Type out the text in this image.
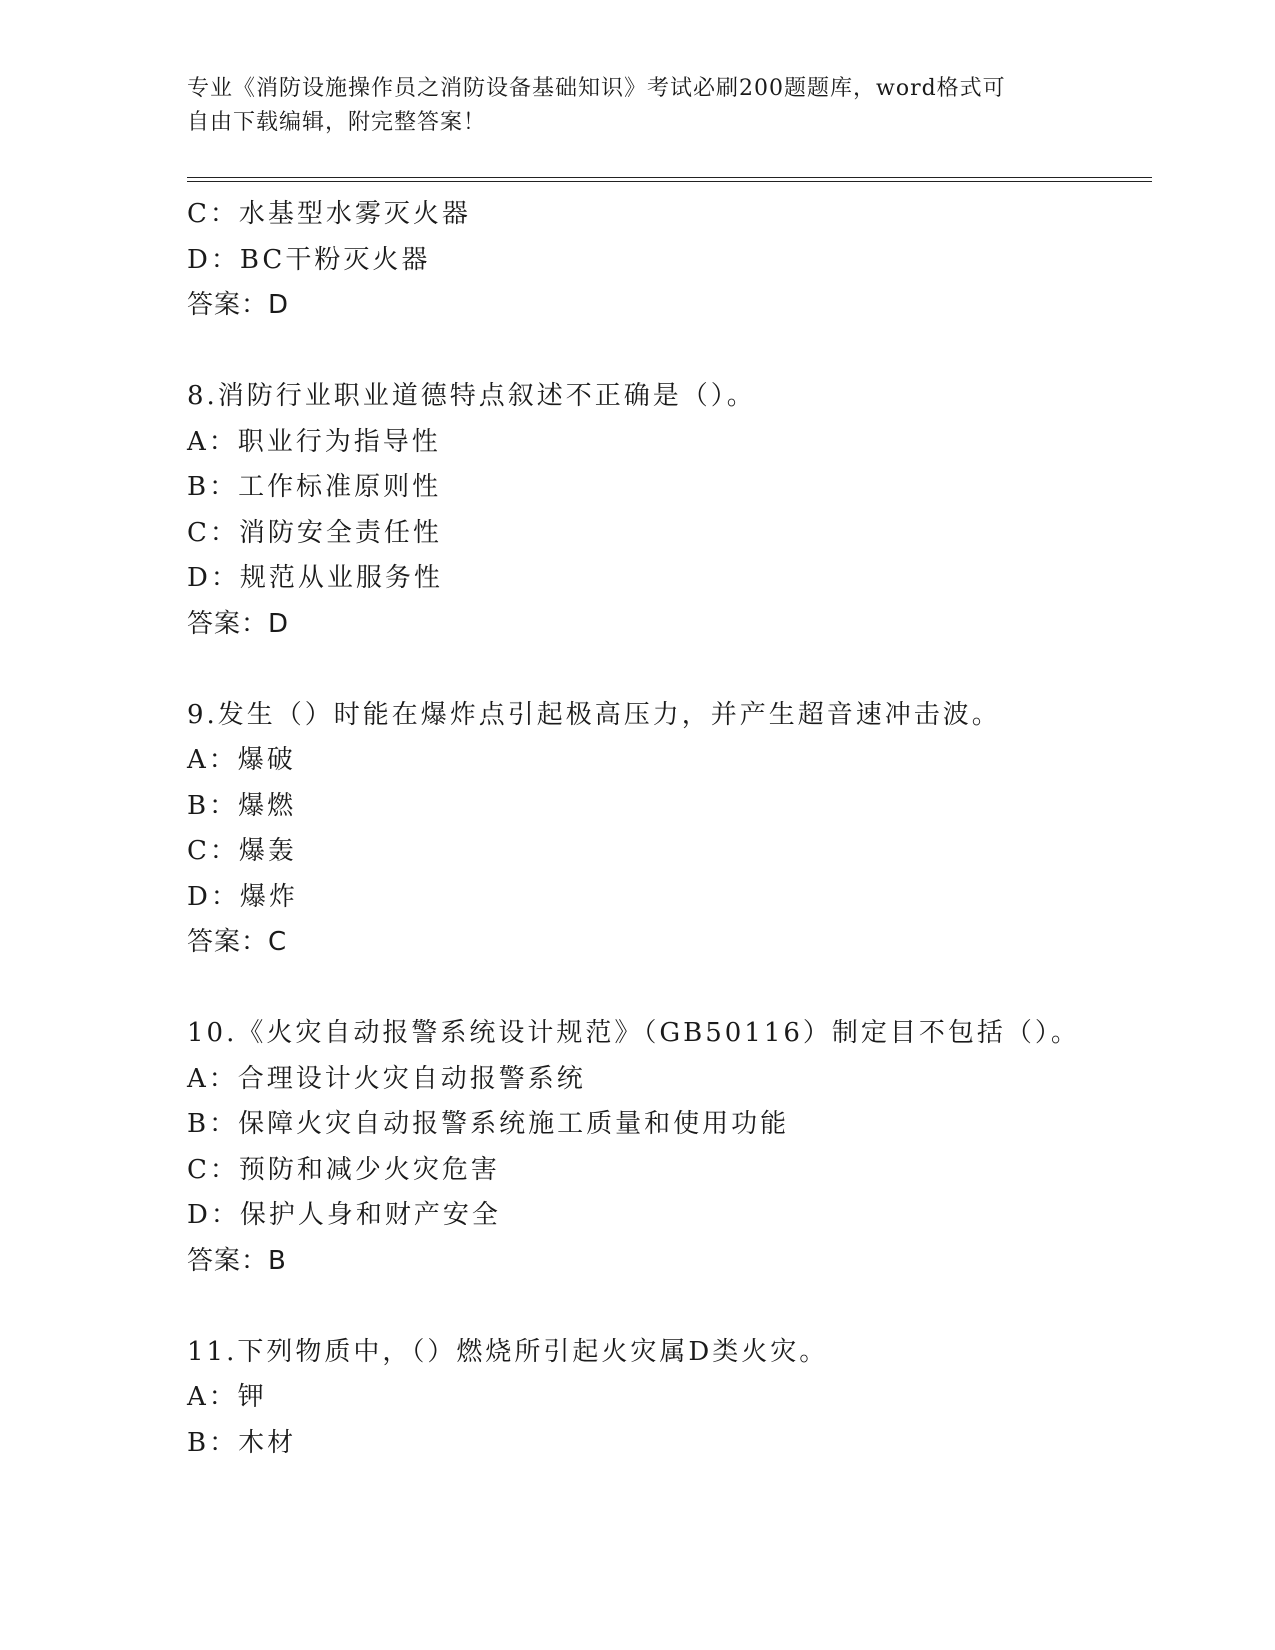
专业《消防设施操作员之消防设备基础知识》考试必刷200题题库，word格式可
自由下载编辑，附完整答案！
C：水基型水雾灭火器
D：BC干粉灭火器
答案：D
8.消防行业职业道德特点叙述不正确是（）。
A：职业行为指导性
B：工作标准原则性
C：消防安全责任性
D：规范从业服务性
答案：D
9.发生（）时能在爆炸点引起极高压力，并产生超音速冲击波。
A：爆破
B：爆燃
C：爆轰
D：爆炸
答案：C
10.《火灾自动报警系统设计规范》（GB50116）制定目不包括（）。
A：合理设计火灾自动报警系统
B：保障火灾自动报警系统施工质量和使用功能
C：预防和减少火灾危害
D：保护人身和财产安全
答案：B
11.下列物质中，（）燃烧所引起火灾属D类火灾。
A：钾
B：木材
